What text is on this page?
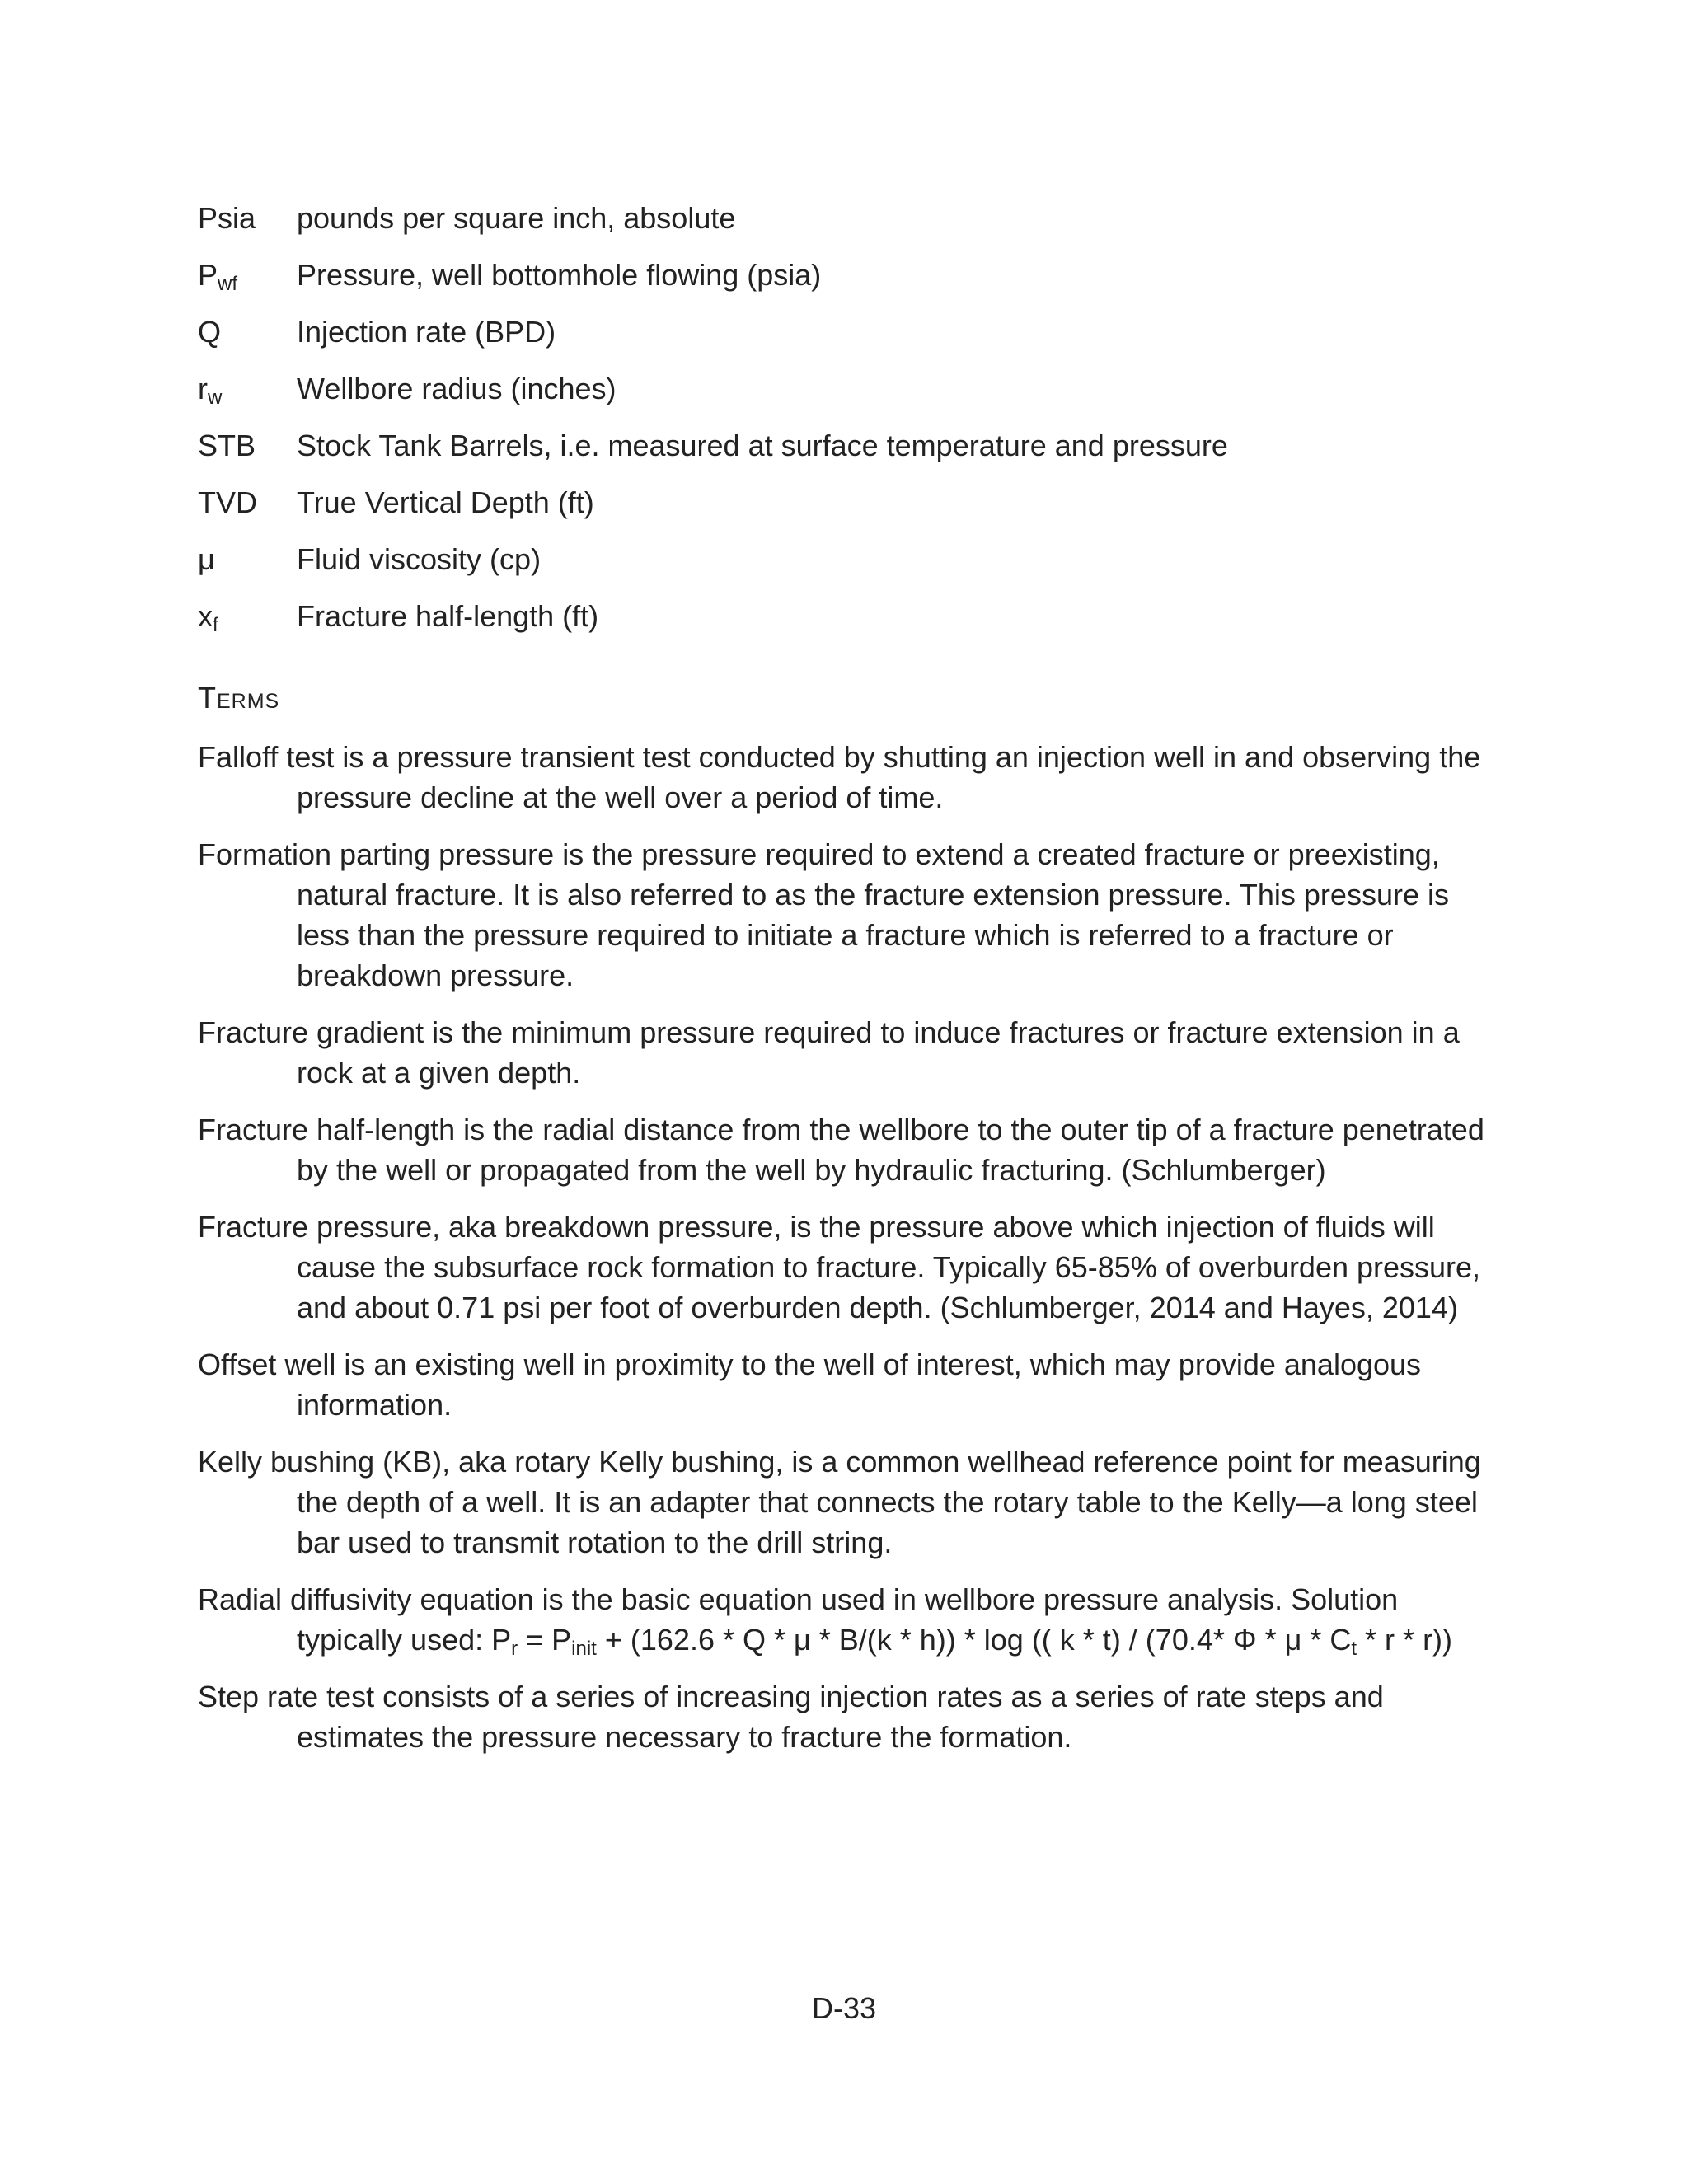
Psia	pounds per square inch, absolute
$P_{wf}$	Pressure, well bottomhole flowing (psia)
Q	Injection rate (BPD)
$r_w$	Wellbore radius (inches)
STB	Stock Tank Barrels, i.e. measured at surface temperature and pressure
TVD	True Vertical Depth (ft)
μ	Fluid viscosity (cp)
$x_f$	Fracture half-length (ft)
Terms

Falloff test is a pressure transient test conducted by shutting an injection well in and observing the pressure decline at the well over a period of time.

Formation parting pressure is the pressure required to extend a created fracture or preexisting, natural fracture. It is also referred to as the fracture extension pressure. This pressure is less than the pressure required to initiate a fracture which is referred to a fracture or breakdown pressure.

Fracture gradient is the minimum pressure required to induce fractures or fracture extension in a rock at a given depth.

Fracture half-length is the radial distance from the wellbore to the outer tip of a fracture penetrated by the well or propagated from the well by hydraulic fracturing. (Schlumberger)

Fracture pressure, aka breakdown pressure, is the pressure above which injection of fluids will cause the subsurface rock formation to fracture. Typically 65-85% of overburden pressure, and about 0.71 psi per foot of overburden depth. (Schlumberger, 2014 and Hayes, 2014)

Offset well is an existing well in proximity to the well of interest, which may provide analogous information.

Kelly bushing (KB), aka rotary Kelly bushing, is a common wellhead reference point for measuring the depth of a well. It is an adapter that connects the rotary table to the Kelly—a long steel bar used to transmit rotation to the drill string.

Radial diffusivity equation is the basic equation used in wellbore pressure analysis. Solution typically used: $P_r = P_{init} + (162.6 * Q * \mu * B/(k * h)) * \log$ (( k * t) / (70.4* Φ * μ * $C_t$ * r * r))

Step rate test consists of a series of increasing injection rates as a series of rate steps and estimates the pressure necessary to fracture the formation.

D-33
